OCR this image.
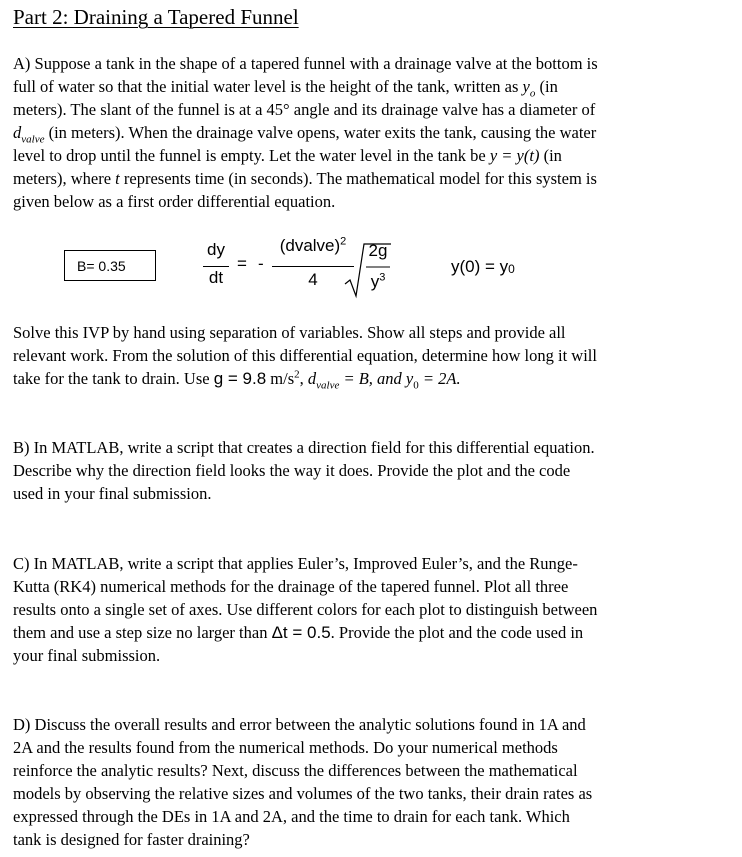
Part 2: Draining a Tapered Funnel
A) Suppose a tank in the shape of a tapered funnel with a drainage valve at the bottom is
full of water so that the initial water level is the height of the tank, written as $y_o$ (in
meters). The slant of the funnel is at a 45° angle and its drainage valve has a diameter of
$d_{valve}$ (in meters). When the drainage valve opens, water exits the tank, causing the water
level to drop until the funnel is empty. Let the water level in the tank be y = y(t) (in
meters), where t represents time (in seconds). The mathematical model for this system is
given below as a first order differential equation.
B= 0.35
dy
dt
= -
(dvalve)$^2$
4
2g
$y^3$
$y(0) = y_0$
Solve this IVP by hand using separation of variables. Show all steps and provide all
relevant work. From the solution of this differential equation, determine how long it will
take for the tank to drain. Use g = 9.8 $m/s^2$, $d_{valve} = B$, and $y_0 = 2A$.
B) In MATLAB, write a script that creates a direction field for this differential equation.
Describe why the direction field looks the way it does. Provide the plot and the code
used in your final submission.
C) In MATLAB, write a script that applies Euler’s, Improved Euler’s, and the Runge-
Kutta (RK4) numerical methods for the drainage of the tapered funnel. Plot all three
results onto a single set of axes. Use different colors for each plot to distinguish between
them and use a step size no larger than Δt = 0.5. Provide the plot and the code used in
your final submission.
D) Discuss the overall results and error between the analytic solutions found in 1A and
2A and the results found from the numerical methods. Do your numerical methods
reinforce the analytic results? Next, discuss the differences between the mathematical
models by observing the relative sizes and volumes of the two tanks, their drain rates as
expressed through the DEs in 1A and 2A, and the time to drain for each tank. Which
tank is designed for faster draining?
